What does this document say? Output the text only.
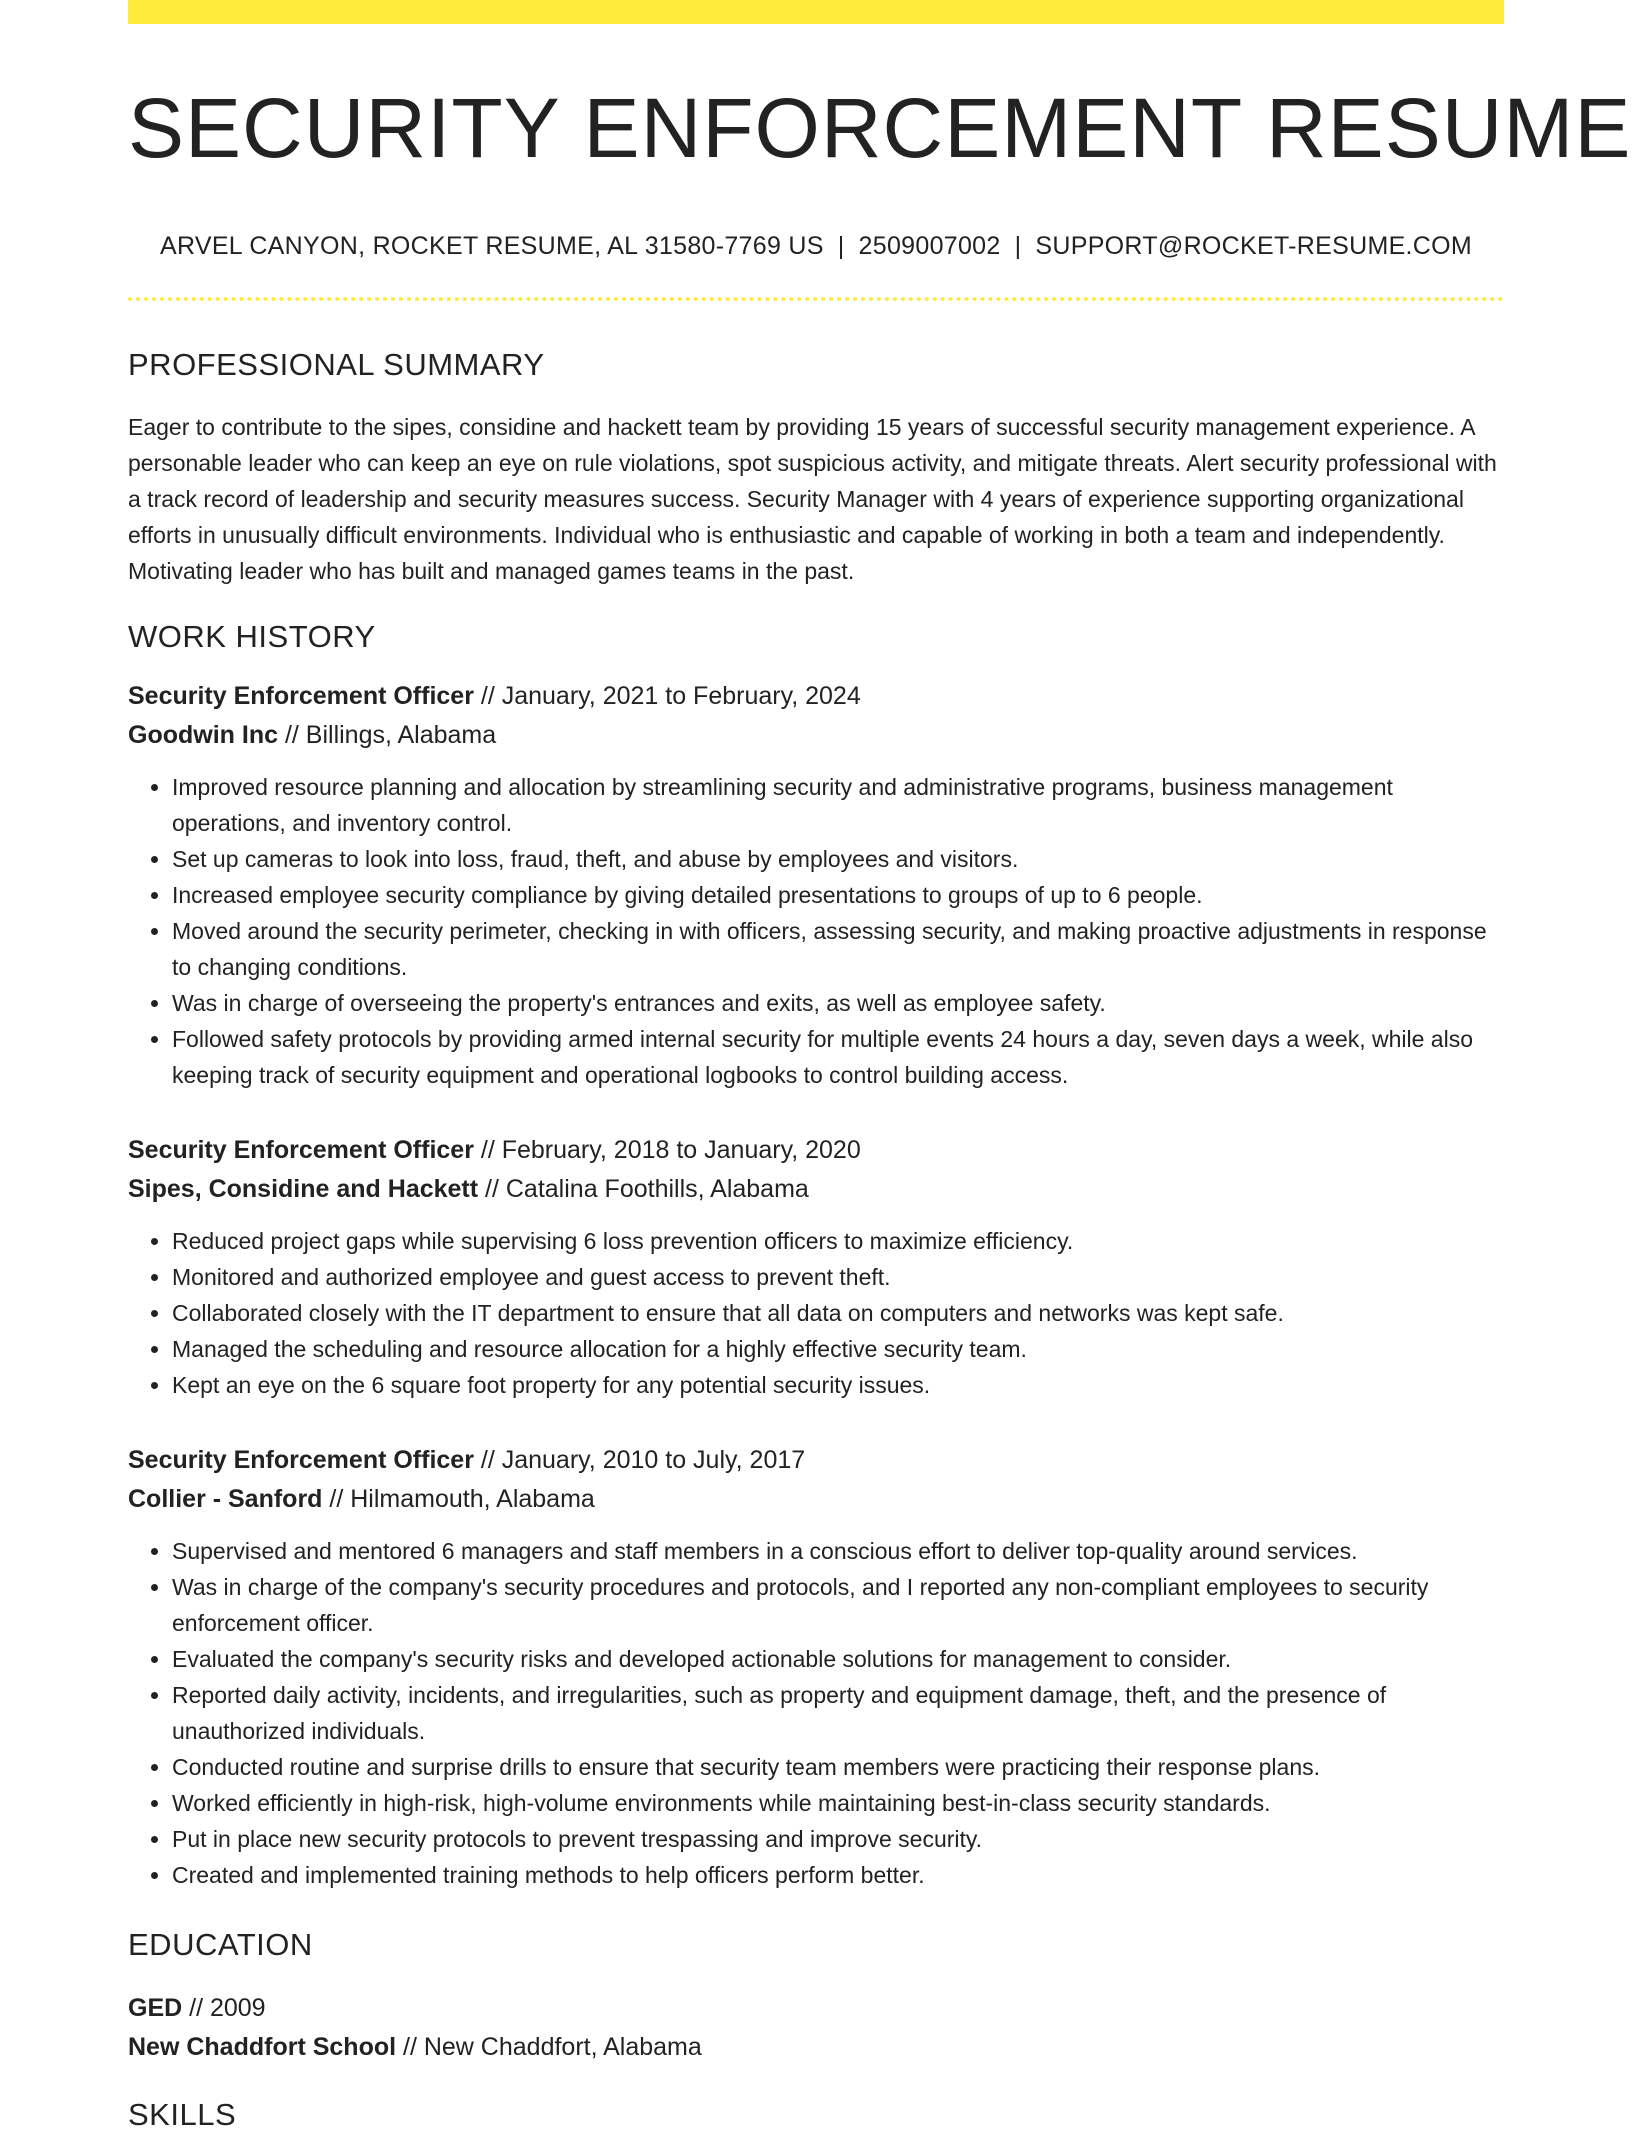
SECURITY ENFORCEMENT RESUME
ARVEL CANYON, ROCKET RESUME, AL 31580-7769 US | 2509007002 | SUPPORT@ROCKET-RESUME.COM
PROFESSIONAL SUMMARY

Eager to contribute to the sipes, considine and hackett team by providing 15 years of successful security management experience. A personable leader who can keep an eye on rule violations, spot suspicious activity, and mitigate threats. Alert security professional with a track record of leadership and security measures success. Security Manager with 4 years of experience supporting organizational efforts in unusually difficult environments. Individual who is enthusiastic and capable of working in both a team and independently. Motivating leader who has built and managed games teams in the past.

WORK HISTORY
Security Enforcement Officer // January, 2021 to February, 2024
Goodwin Inc // Billings, Alabama
• Improved resource planning and allocation by streamlining security and administrative programs, business management operations, and inventory control.
• Set up cameras to look into loss, fraud, theft, and abuse by employees and visitors.
• Increased employee security compliance by giving detailed presentations to groups of up to 6 people.
• Moved around the security perimeter, checking in with officers, assessing security, and making proactive adjustments in response to changing conditions.
• Was in charge of overseeing the property's entrances and exits, as well as employee safety.
• Followed safety protocols by providing armed internal security for multiple events 24 hours a day, seven days a week, while also keeping track of security equipment and operational logbooks to control building access.
Security Enforcement Officer // February, 2018 to January, 2020
Sipes, Considine and Hackett // Catalina Foothills, Alabama
• Reduced project gaps while supervising 6 loss prevention officers to maximize efficiency.
• Monitored and authorized employee and guest access to prevent theft.
• Collaborated closely with the IT department to ensure that all data on computers and networks was kept safe.
• Managed the scheduling and resource allocation for a highly effective security team.
• Kept an eye on the 6 square foot property for any potential security issues.
Security Enforcement Officer // January, 2010 to July, 2017
Collier - Sanford // Hilmamouth, Alabama
• Supervised and mentored 6 managers and staff members in a conscious effort to deliver top-quality around services.
• Was in charge of the company's security procedures and protocols, and I reported any non-compliant employees to security enforcement officer.
• Evaluated the company's security risks and developed actionable solutions for management to consider.
• Reported daily activity, incidents, and irregularities, such as property and equipment damage, theft, and the presence of unauthorized individuals.
• Conducted routine and surprise drills to ensure that security team members were practicing their response plans.
• Worked efficiently in high-risk, high-volume environments while maintaining best-in-class security standards.
• Put in place new security protocols to prevent trespassing and improve security.
• Created and implemented training methods to help officers perform better.
EDUCATION
GED // 2009
New Chaddfort School // New Chaddfort, Alabama
SKILLS
